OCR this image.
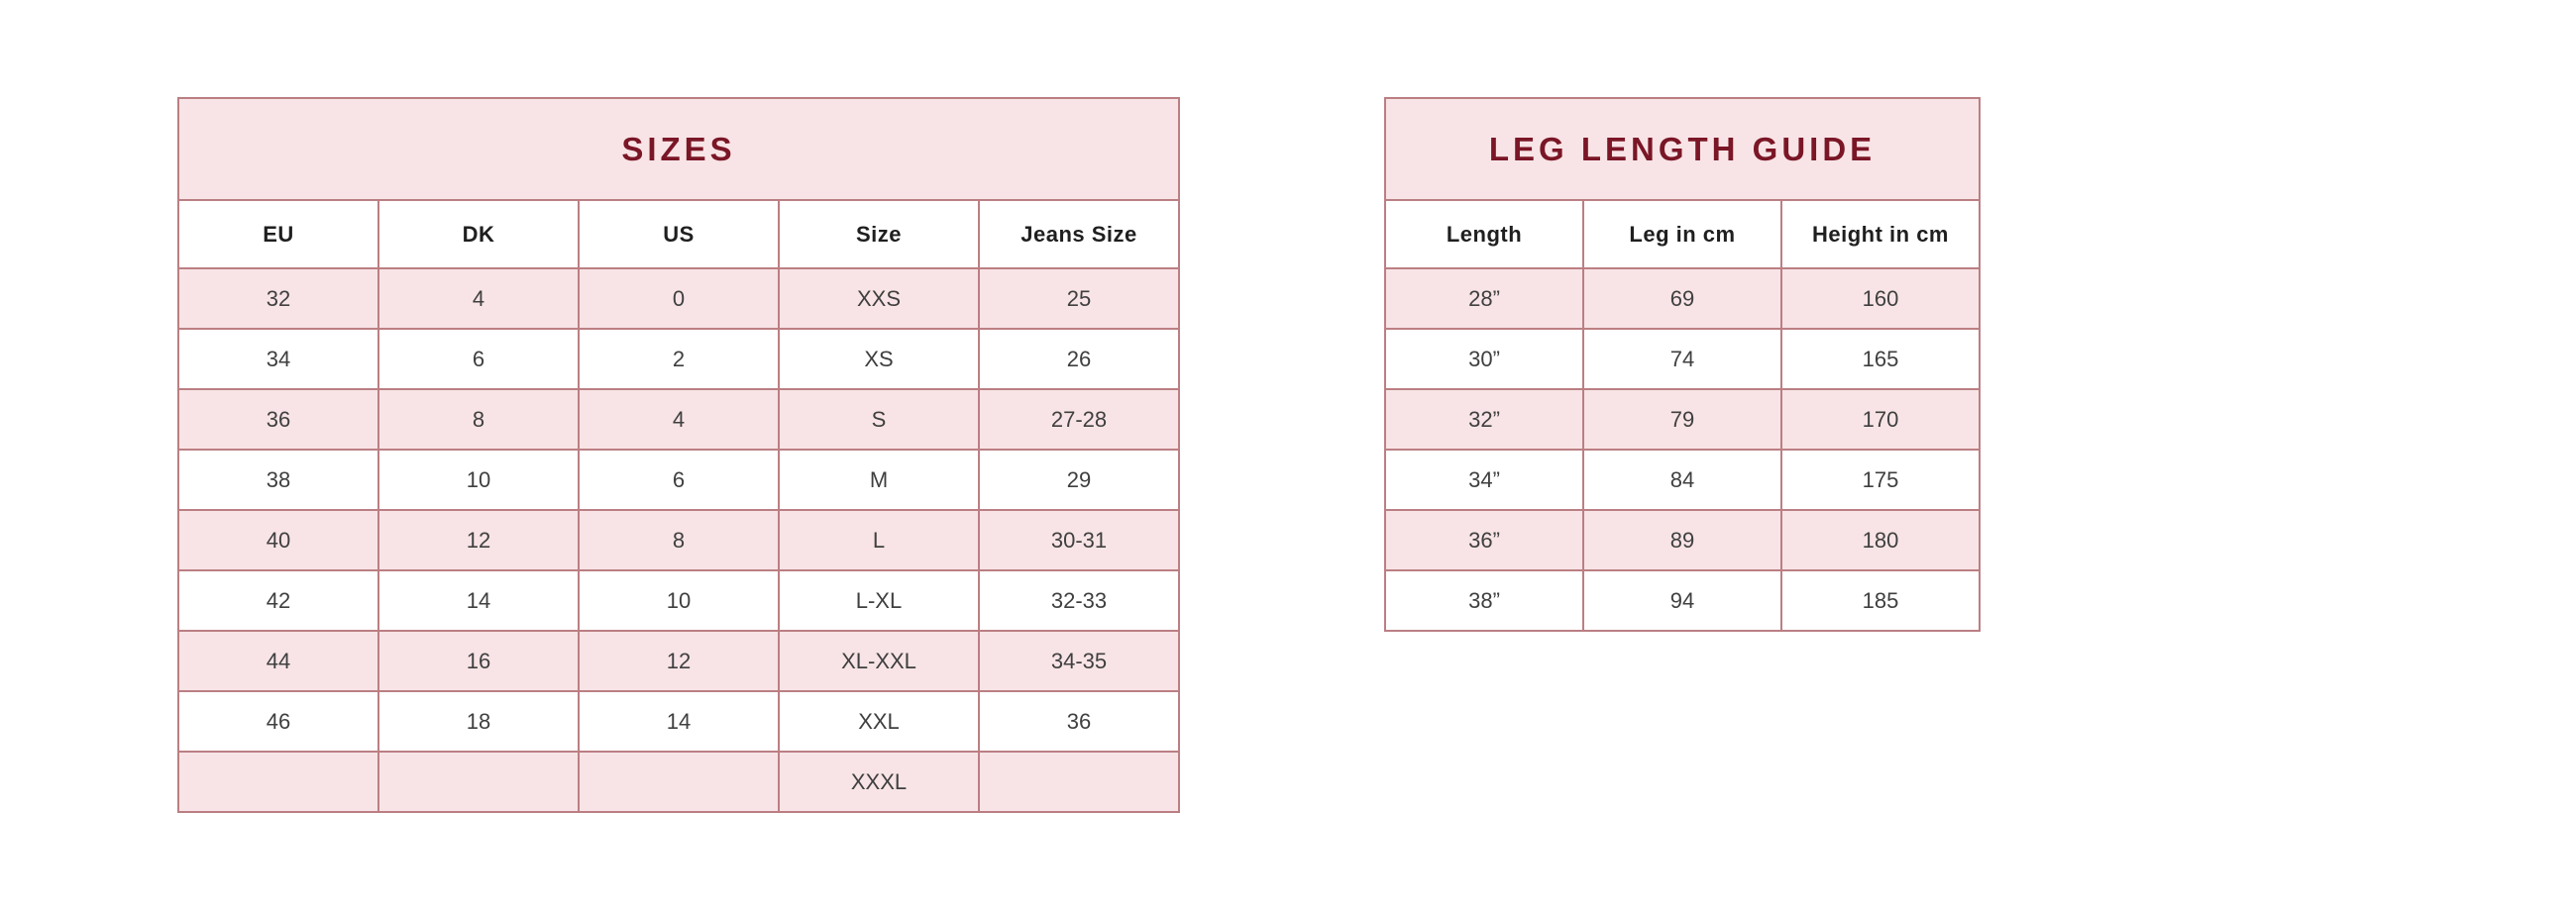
SIZES				
EU	DK	US	Size	Jeans Size
32	4	0	XXS	25
34	6	2	XS	26
36	8	4	S	27-28
38	10	6	M	29
40	12	8	L	30-31
42	14	10	L-XL	32-33
44	16	12	XL-XXL	34-35
46	18	14	XXL	36
			XXXL	
LEG LENGTH GUIDE		
Length	Leg in cm	Height in cm
28”	69	160
30”	74	165
32”	79	170
34”	84	175
36”	89	180
38”	94	185
